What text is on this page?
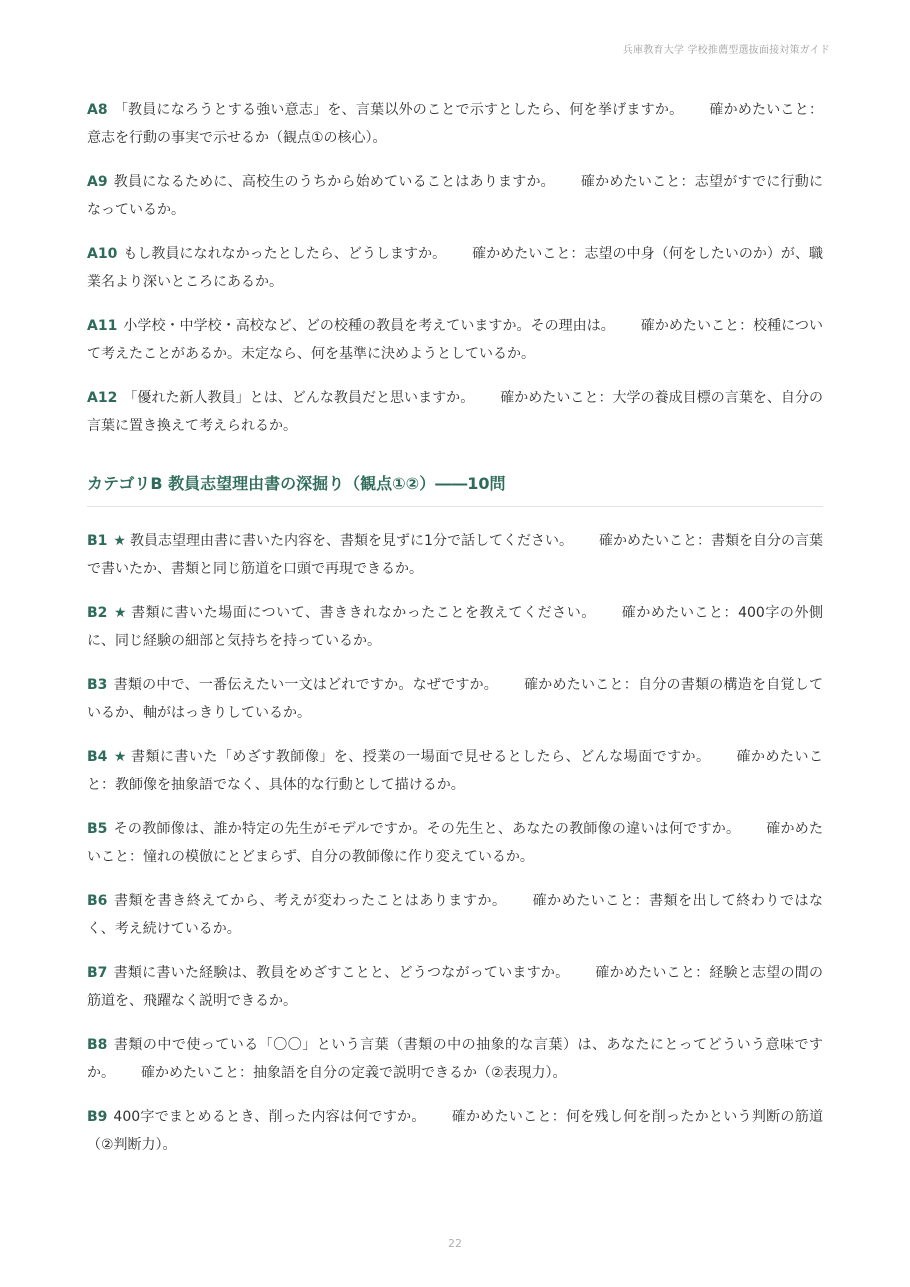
兵庫教育大学 学校推薦型選抜面接対策ガイド

A8 「教員になろうとする強い意志」を、言葉以外のことで示すとしたら、何を挙げますか。 確かめたいこと：意志を行動の事実で示せるか（観点①の核心）。

A9 教員になるために、高校生のうちから始めていることはありますか。 確かめたいこと：志望がすでに行動になっているか。

A10 もし教員になれなかったとしたら、どうしますか。 確かめたいこと：志望の中身（何をしたいのか）が、職業名より深いところにあるか。

A11 小学校・中学校・高校など、どの校種の教員を考えていますか。その理由は。 確かめたいこと：校種について考えたことがあるか。未定なら、何を基準に決めようとしているか。

A12 「優れた新人教員」とは、どんな教員だと思いますか。 確かめたいこと：大学の養成目標の言葉を、自分の言葉に置き換えて考えられるか。

カテゴリB 教員志望理由書の深掘り（観点①②）――10問

B1 ★ 教員志望理由書に書いた内容を、書類を見ずに1分で話してください。 確かめたいこと：書類を自分の言葉で書いたか、書類と同じ筋道を口頭で再現できるか。

B2 ★ 書類に書いた場面について、書ききれなかったことを教えてください。 確かめたいこと：400字の外側に、同じ経験の細部と気持ちを持っているか。

B3 書類の中で、一番伝えたい一文はどれですか。なぜですか。 確かめたいこと：自分の書類の構造を自覚しているか、軸がはっきりしているか。

B4 ★ 書類に書いた「めざす教師像」を、授業の一場面で見せるとしたら、どんな場面ですか。 確かめたいこと：教師像を抽象語でなく、具体的な行動として描けるか。

B5 その教師像は、誰か特定の先生がモデルですか。その先生と、あなたの教師像の違いは何ですか。 確かめたいこと：憧れの模倣にとどまらず、自分の教師像に作り変えているか。

B6 書類を書き終えてから、考えが変わったことはありますか。 確かめたいこと：書類を出して終わりではなく、考え続けているか。

B7 書類に書いた経験は、教員をめざすことと、どうつながっていますか。 確かめたいこと：経験と志望の間の筋道を、飛躍なく説明できるか。

B8 書類の中で使っている「〇〇」という言葉（書類の中の抽象的な言葉）は、あなたにとってどういう意味ですか。 確かめたいこと：抽象語を自分の定義で説明できるか（②表現力）。

B9 400字でまとめるとき、削った内容は何ですか。 確かめたいこと：何を残し何を削ったかという判断の筋道（②判断力）。

22
